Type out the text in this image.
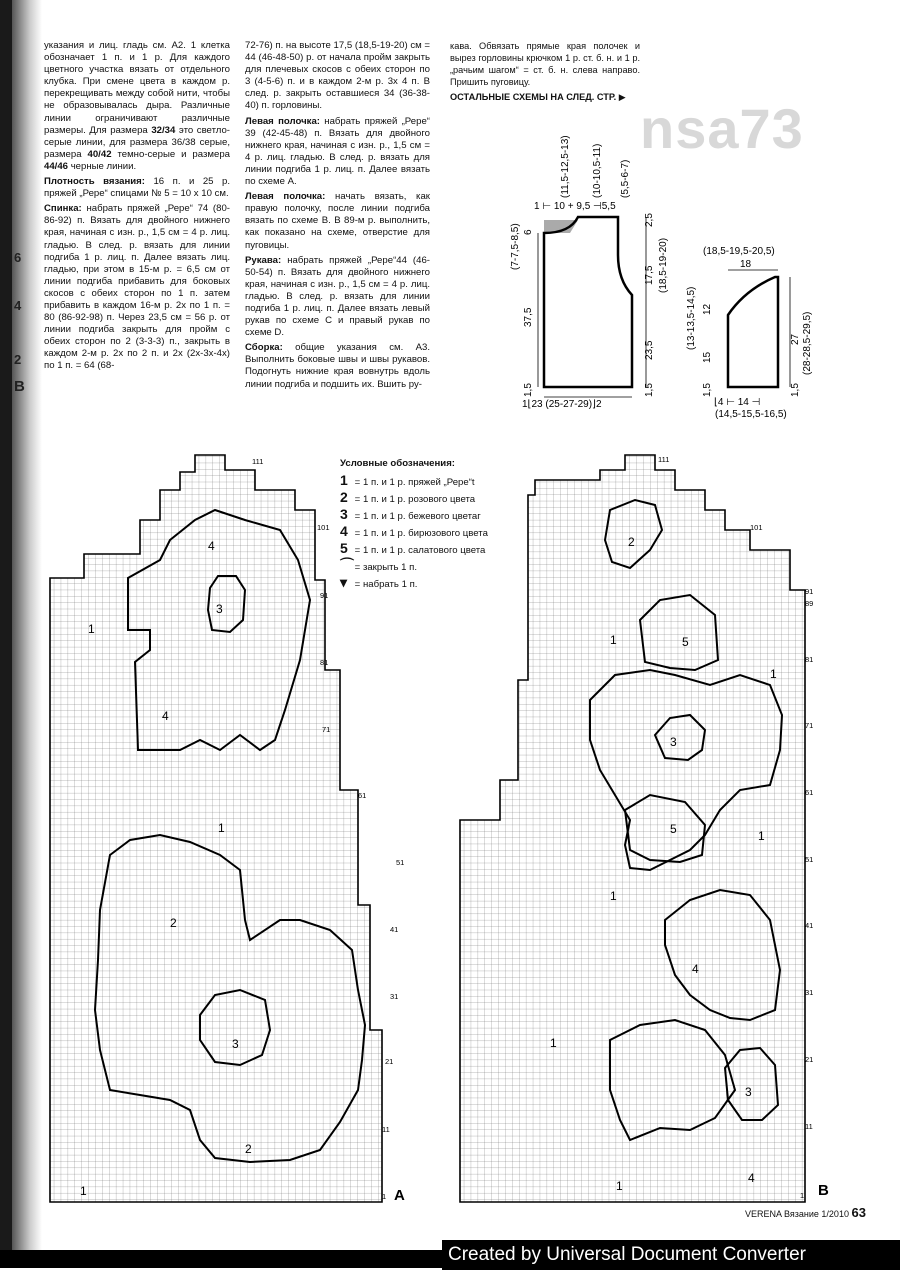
6
4
2
B

указания и лиц. гладь см. А2. 1 клетка обозначает 1 п. и 1 р. Для каждого цветного участка вязать от отдельного клубка. При смене цвета в каждом р. перекрещивать между собой нити, чтобы не образовывалась дыра. Различные линии ограничивают различные размеры. Для размера 32/34 это светло-серые линии, для размера 36/38 серые, размера 40/42 темно-серые и размера 44/46 черные линии.

Плотность вязания: 16 п. и 25 р. пряжей „Рере“ спицами № 5 = 10 х 10 см.

Спинка: набрать пряжей „Рере“ 74 (80-86-92) п. Вязать для двойного нижнего края, начиная с изн. р., 1,5 см = 4 р. лиц. гладью. В след. р. вязать для линии подгиба 1 р. лиц. п. Далее вязать лиц. гладью, при этом в 15-м р. = 6,5 см от линии подгиба прибавить для боковых скосов с обеих сторон по 1 п. затем прибавить в каждом 16-м р. 2х по 1 п. = 80 (86-92-98) п. Через 23,5 см = 56 р. от линии подгиба закрыть для пройм с обеих сторон по 2 (3-3-3) п., закрыть в каждом 2-м р. 2х по 2 п. и 2х (2х-3х-4х) по 1 п. = 64 (68-

72-76) п. на высоте 17,5 (18,5-19-20) см = 44 (46-48-50) р. от начала пройм закрыть для плечевых скосов с обеих сторон по 3 (4-5-6) п. и в каждом 2-м р. 3х 4 п. В след. р. закрыть оставшиеся 34 (36-38-40) п. горловины.

Левая полочка: набрать пряжей „Рере“ 39 (42-45-48) п. Вязать для двойного нижнего края, начиная с изн. р., 1,5 см = 4 р. лиц. гладью. В след. р. вязать для линии подгиба 1 р. лиц. п. Далее вязать по схеме А.

Левая полочка: начать вязать, как правую полочку, после линии подгиба вязать по схеме В. В 89-м р. выполнить, как показано на схеме, отверстие для пуговицы.

Рукава: набрать пряжей „Рере“44 (46-50-54) п. Вязать для двойного нижнего края, начиная с изн. р., 1,5 см = 4 р. лиц. гладью. В след. р. вязать для линии подгиба 1 р. лиц. п. Далее вязать левый рукав по схеме С и правый рукав по схеме D.

Сборка: общие указания см. А3. Выполнить боковые швы и швы рукавов. Подогнуть нижние края вовнутрь вдоль линии подгиба и подшить их. Вшить ру-

кава. Обвязать прямые края полочек и вырез горловины крючком 1 р. ст. б. н. и 1 р. „рачьим шагом“ = ст. б. н. слева направо. Пришить пуговицу.

ОСТАЛЬНЫЕ СХЕМЫ НА СЛЕД. СТР. ▶ nsa73
(7-7,5-8,5) 6
37,5
1,5
(11,5-12,5-13) (10-10,5-11) (5,5-6-7)
1 ⊢ 10 + 9,5 ⊣5,5
2,5
17,5 (18,5-19-20)
23,5
1,5
1⌊23 (25-27-29)⌋2
(18,5-19,5-20,5)
18
(13-13,5-14,5) 12
15
1,5
27 (28-28,5-29,5)
1,5
⌊4 ⊢ 14 ⊣
(14,5-15,5-16,5)
Условные обозначения:
1 = 1 п. и 1 р. пряжей „Рере“t
2 = 1 п. и 1 р. розового цвета
3 = 1 п. и 1 р. бежевого цветаг
4 = 1 п. и 1 р. бирюзового цвета
5 = 1 п. и 1 р. салатового цвета
⌒ = закрыть 1 п.
▾ = набрать 1 п.
4
3
1
4
1
2
3
2
1
111
101
91
81
71
61
51
41
31
21
11
1 A
2
1	5
1
3
5	1
1
4
1
3
1
4
111
101
91
89
81
71
61
51
41
31
21
11
1 B
VERENA Вязание 1/2010 63
Created by Universal Document Converter
